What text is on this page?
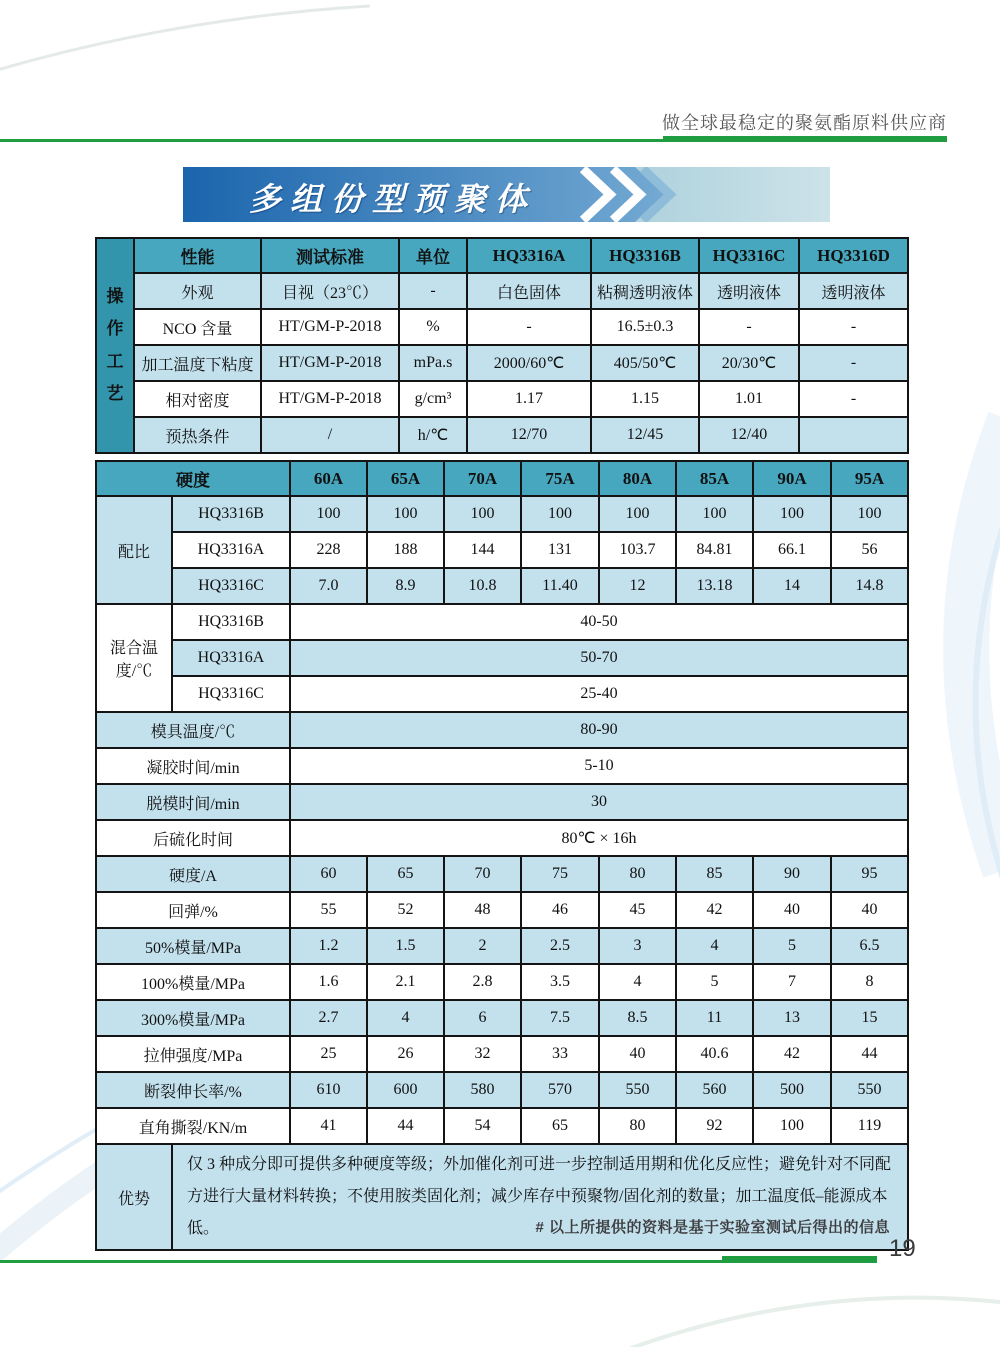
做全球最稳定的聚氨酯原料供应商
多组份型预聚体
操作工艺	性能	测试标准	单位	HQ3316A	HQ3316B	HQ3316C	HQ3316D
	外观	目视（23℃）	-	白色固体	粘稠透明液体	透明液体	透明液体
	NCO 含量	HT/GM-P-2018	%	-	16.5±0.3	-	-
	加工温度下粘度	HT/GM-P-2018	mPa.s	2000/60℃	405/50℃	20/30℃	-
	相对密度	HT/GM-P-2018	g/cm³	1.17	1.15	1.01	-
	预热条件	/	h/℃	12/70	12/45	12/40	
硬度		60A	65A	70A	75A	80A	85A	90A	95A
配比	HQ3316B	100	100	100	100	100	100	100	100
	HQ3316A	228	188	144	131	103.7	84.81	66.1	56
	HQ3316C	7.0	8.9	10.8	11.40	12	13.18	14	14.8
混合温度/℃	HQ3316B	40-50							
	HQ3316A	50-70							
	HQ3316C	25-40							
模具温度/℃		80-90							
凝胶时间/min		5-10							
脱模时间/min		30							
后硫化时间		80℃ × 16h							
硬度/A		60	65	70	75	80	85	90	95
回弹/%		55	52	48	46	45	42	40	40
50%模量/MPa		1.2	1.5	2	2.5	3	4	5	6.5
100%模量/MPa		1.6	2.1	2.8	3.5	4	5	7	8
300%模量/MPa		2.7	4	6	7.5	8.5	11	13	15
拉伸强度/MPa		25	26	32	33	40	40.6	42	44
断裂伸长率/%		610	600	580	570	550	560	500	550
直角撕裂/KN/m		41	44	54	65	80	92	100	119
优势	仅 3 种成分即可提供多种硬度等级；外加催化剂可进一步控制适用期和优化反应性；避免针对不同配方进行大量材料转换；不使用胺类固化剂；减少库存中预聚物/固化剂的数量；加工温度低–能源成本低。									# 以上所提供的资料是基于实验室测试后得出的信息
19
